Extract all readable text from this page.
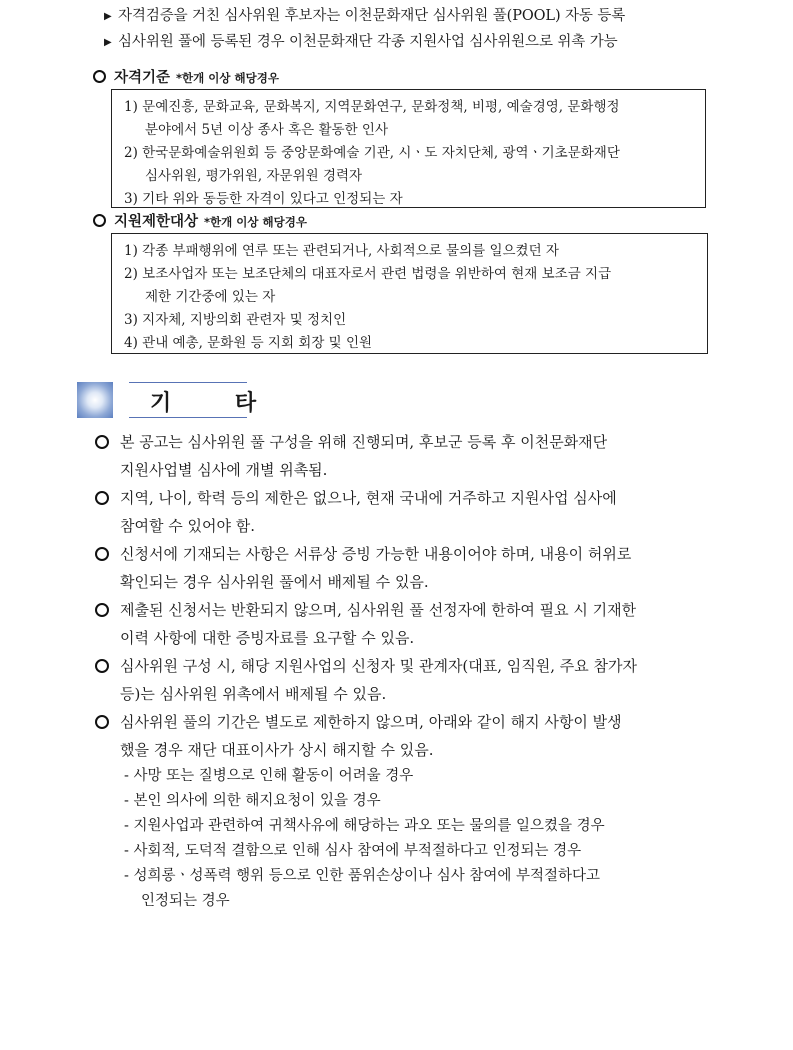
▶ 자격검증을 거친 심사위원 후보자는 이천문화재단 심사위원 풀(POOL) 자동 등록
▶ 심사위원 풀에 등록된 경우 이천문화재단 각종 지원사업 심사위원으로 위촉 가능
자격기준 *한개 이상 해당경우
1) 문예진흥, 문화교육, 문화복지, 지역문화연구, 문화정책, 비평, 예술경영, 문화행정
분야에서 5년 이상 종사 혹은 활동한 인사
2) 한국문화예술위원회 등 중앙문화예술 기관, 시ㆍ도 자치단체, 광역ㆍ기초문화재단
심사위원, 평가위원, 자문위원 경력자
3) 기타 위와 동등한 자격이 있다고 인정되는 자
지원제한대상 *한개 이상 해당경우
1) 각종 부패행위에 연루 또는 관련되거나, 사회적으로 물의를 일으켰던 자
2) 보조사업자 또는 보조단체의 대표자로서 관련 법령을 위반하여 현재 보조금 지급
제한 기간중에 있는 자
3) 지자체, 지방의회 관련자 및 정치인
4) 관내 예총, 문화원 등 지회 회장 및 인원
기 타
본 공고는 심사위원 풀 구성을 위해 진행되며, 후보군 등록 후 이천문화재단
지원사업별 심사에 개별 위촉됨.
지역, 나이, 학력 등의 제한은 없으나, 현재 국내에 거주하고 지원사업 심사에
참여할 수 있어야 함.
신청서에 기재되는 사항은 서류상 증빙 가능한 내용이어야 하며, 내용이 허위로
확인되는 경우 심사위원 풀에서 배제될 수 있음.
제출된 신청서는 반환되지 않으며, 심사위원 풀 선정자에 한하여 필요 시 기재한
이력 사항에 대한 증빙자료를 요구할 수 있음.
심사위원 구성 시, 해당 지원사업의 신청자 및 관계자(대표, 임직원, 주요 참가자
등)는 심사위원 위촉에서 배제될 수 있음.
심사위원 풀의 기간은 별도로 제한하지 않으며, 아래와 같이 해지 사항이 발생
했을 경우 재단 대표이사가 상시 해지할 수 있음.
- 사망 또는 질병으로 인해 활동이 어려울 경우
- 본인 의사에 의한 해지요청이 있을 경우
- 지원사업과 관련하여 귀책사유에 해당하는 과오 또는 물의를 일으켰을 경우
- 사회적, 도덕적 결함으로 인해 심사 참여에 부적절하다고 인정되는 경우
- 성희롱ㆍ성폭력 행위 등으로 인한 품위손상이나 심사 참여에 부적절하다고
인정되는 경우
